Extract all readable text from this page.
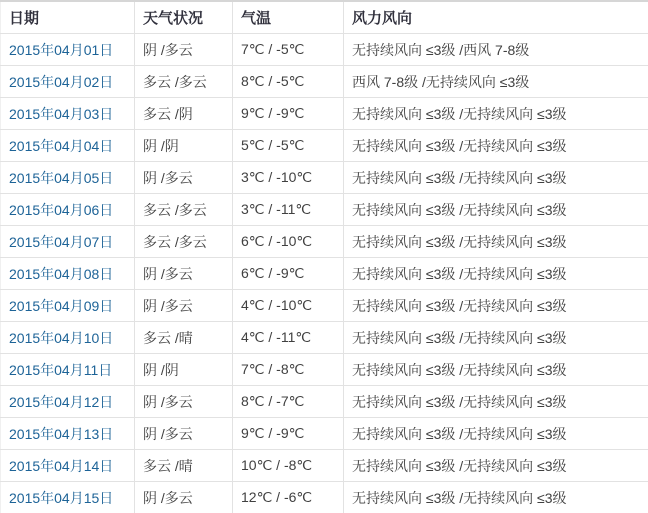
日期	天气状况	气温	风力风向
2015年04月01日	阴 /多云	7℃ / -5℃	无持续风向 ≤3级 /西风 7-8级
2015年04月02日	多云 /多云	8℃ / -5℃	西风 7-8级 /无持续风向 ≤3级
2015年04月03日	多云 /阴	9℃ / -9℃	无持续风向 ≤3级 /无持续风向 ≤3级
2015年04月04日	阴 /阴	5℃ / -5℃	无持续风向 ≤3级 /无持续风向 ≤3级
2015年04月05日	阴 /多云	3℃ / -10℃	无持续风向 ≤3级 /无持续风向 ≤3级
2015年04月06日	多云 /多云	3℃ / -11℃	无持续风向 ≤3级 /无持续风向 ≤3级
2015年04月07日	多云 /多云	6℃ / -10℃	无持续风向 ≤3级 /无持续风向 ≤3级
2015年04月08日	阴 /多云	6℃ / -9℃	无持续风向 ≤3级 /无持续风向 ≤3级
2015年04月09日	阴 /多云	4℃ / -10℃	无持续风向 ≤3级 /无持续风向 ≤3级
2015年04月10日	多云 /晴	4℃ / -11℃	无持续风向 ≤3级 /无持续风向 ≤3级
2015年04月11日	阴 /阴	7℃ / -8℃	无持续风向 ≤3级 /无持续风向 ≤3级
2015年04月12日	阴 /多云	8℃ / -7℃	无持续风向 ≤3级 /无持续风向 ≤3级
2015年04月13日	阴 /多云	9℃ / -9℃	无持续风向 ≤3级 /无持续风向 ≤3级
2015年04月14日	多云 /晴	10℃ / -8℃	无持续风向 ≤3级 /无持续风向 ≤3级
2015年04月15日	阴 /多云	12℃ / -6℃	无持续风向 ≤3级 /无持续风向 ≤3级
